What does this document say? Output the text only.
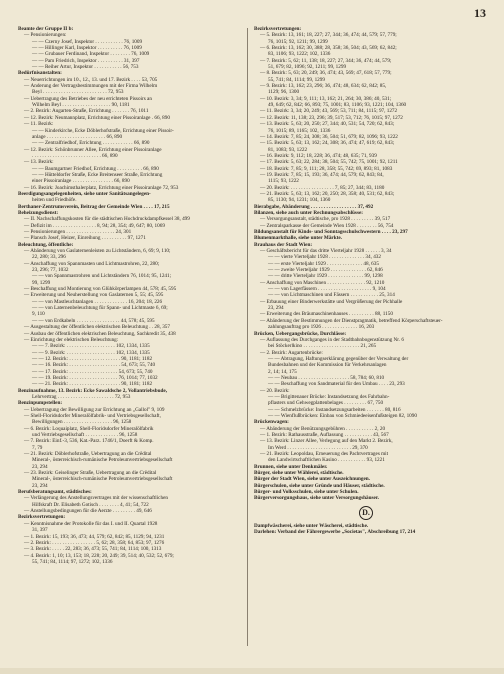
13
Beamte der Gruppe II b:
— Pensionierungen:
— — Czerny Josef, Inspektor . . . . . . . . . . . 76, 1009
— — Hillinger Karl, Inspektor . . . . . . . . . . 76, 1009
— — Grubauer Ferdinand, Inspektor . . . . . . . . 76, 1009
— — Pam Friedrich, Inspektor . . . . . . . . . . 31, 397
— — Reiher Artur, Inspektor . . . . . . . . . . . 56, 753
Bedürfnisanstalten:
— Neuerrichtungen im 10., 12., 13. und 17. Bezirk . . . . 53, 705
— Änderung der Vertragsbestimmungen mit der Firma Wilhelm
Beyl . . . . . . . . . . . . . . . . . . . . . . . . . 72, 953
— Uebertragung des Betriebes der neu errichteten Pissoirs an
Wilhelm Beyl . . . . . . . . . . . . . . . . . . . 90, 1181
— 2. Bezirk: Augarten-Straße, Errichtung . . . . . . . 76, 1011
— 12. Bezirk: Neumannplatz, Errichtung einer Pissoiranlage . 66, 890
— 11. Bezirk:
— — Kinderkirche, Ecke Döblerhofstraße, Errichtung einer Pissoir-
anlage . . . . . . . . . . . . . . . . . . . . . . . 66, 890
— — Zentralfriedhof, Errichtung . . . . . . . . . . . . 66, 890
— 12. Bezirk: Schönbrunner Allee, Errichtung einer Pissoiranlage
. . . . . . . . . . . . . . . . . . . . . . . . . . . 66, 890
— 13. Bezirk:
— — Baumgartner Friedhof, Errichtung . . . . . . . . . . 66, 890
— — Hütteldorfer Straße, Ecke Breitenseer Straße, Errichtung
einer Pissoiranlage . . . . . . . . . . . . . . . . 66, 890
— 16. Bezirk: Joachimsthalerplatz, Errichtung einer Pissoiranlage 72, 953
Beerdigungsangelegenheiten, siehe unter Sanitätsangelegen-
heiten und Friedhöfe.
Berthaner-Zentrumsverein, Beitrag der Gemeinde Wien . . . . 17, 215
Beheizungsdienst:
— II. Nachschaffungskosten für die städtischen Hochdruckdampfkessel 38, 499
— Defizit im . . . . . . . . . . . . . . . . . 8, 94; 28, 354; 49, 647; 80, 1069
— Pensionierungen . . . . . . . . . . . . . . . . . . . 24, 301
— Plansch Josef, Heizer, Einreihung . . . . . . . . . . 97, 1271
Beleuchtung, öffentliche:
— Abänderung von Gaslaternenleisten zu Lichtständern, 6, 69; 9, 110;
22, 280; 33, 296
— Anschaffung von Spannmasten und Lichtmastrohren, 22, 280;
23, 296; 77, 1032
— — von Spannmastrohren und Lichtständern 76, 1014; 95, 1241;
99, 1299
— Beschaffung und Montierung von Glühkörperlampen 44, 578; 45, 595
— Erweiterung und Neuherstellung von Gaslaternen 5, 55; 45, 595
— — von Mastleuchtanlagen . . . . . . . . . . . . . 16, 204; 18, 226
— — von Laternenbeleuchtung für Spann- und Lichtmaste 6, 69;
9, 110
— — von Erdkabeln . . . . . . . . . . . . . . . . . 44, 578; 45, 595
— Ausgestaltung der öffentlichen elektrischen Beleuchtung . . 28, 357
— Ausbau der öffentlichen elektrischen Beleuchtung, Sachkredit 35, 438
— Einrichtung der elektrischen Beleuchtung:
— — 7. Bezirk: . . . . . . . . . . . . . . . . . . . 102, 1334, 1335
— — 9. Bezirk: . . . . . . . . . . . . . . . . . . . 102, 1334, 1335
— — 12. Bezirk: . . . . . . . . . . . . . . . . . . . . 90, 1181; 1182
— — 16. Bezirk: . . . . . . . . . . . . . . . . . . . . 54, 673; 55, 740
— — 17. Bezirk: . . . . . . . . . . . . . . . . . . . 54, 673; 55, 740
— — 19. Bezirk: . . . . . . . . . . . . . . . . . . . 76, 1014; 77, 1032
— — 21. Bezirk: . . . . . . . . . . . . . . . . . . . . 90, 1181; 1182
Benzinaufnahme, 13. Bezirk: Ecke Sawaldsche 2, Vollantriebsbude,
Lehrvertrag . . . . . . . . . . . . . . . . . . . . . . 72, 953
Benzinpumpstellen:
— Uebertragung der Bewilligung zur Errichtung an „Gallol" 9, 109
— Shell-Floridsdorfer Mineralölfabrik- und Vertriebsgesellschaft,
Bewilligungen . . . . . . . . . . . . . . . . . . . 96, 1258
— 6. Bezirk: Loquaiplatz, Shell-Floridsdorfer Mineralölfabrik
und Vertriebsgesellschaft . . . . . . . . . . . . . 96, 1258
— 7. Bezirk: Einf.-3, 536, Kat.-Parz. 1746/1, Doerft & Komp.
7, 79
— 21. Bezirk: Döblerhofstraße, Uebertragung an die Crêdital
Mineral-, österreichisch-rumänische Petroleumvertriebsgesellschaft
23, 294
— 23. Bezirk: Geiselinger Straße, Uebertragung an die Crêdital
Mineral-, österreichisch-rumänische Petroleumvertriebsgesellschaft
23, 294
Berufsberatungsamt, städtisches:
— Verlängerung des Anstellungsvertrages mit der wissenschaftlichen
Hilfskraft Dr. Elisabeth Gotisch . . . . . . . . 4, 41; 54, 722
— Anstellungsbedingungen für die Aerzte . . . . . . . . . 49, 646
Bezirksvertretungen:
— Kenntnisnahme der Protokolle für das I. und II. Quartal 1928
31, 397
— 1. Bezirk: 15, 193; 36, 473; 44, 579; 62, 842; 85, 1129; 94, 1231
— 2. Bezirk: . . . . . . . . . . . . . . . . . 5, 62; 28, 358; 64, 853; 97, 1276
— 3. Bezirk: . . . . . 22, 283; 36, 473; 55, 741; 84, 1114; 100, 1313
— 4. Bezirk: 1, 10; 13, 153; 18, 228; 20, 249; 39, 514; 40, 532; 52, 679;
55, 741; 84, 1114; 97, 1272; 102, 1336
Bezirksvertretungen:
— 5. Bezirk: 13, 161; 18, 227; 27, 344; 36, 474; 44, 579; 57, 779;
76, 1015; 92, 1211; 99, 1299
— 6. Bezirk: 13, 162; 30, 388; 28, 358; 36, 504; 43, 569; 62, 842;
83, 1106; 93, 1222; 102, 1336
— 7. Bezirk: 5, 62; 11, 138; 18, 227; 27, 344; 36, 474; 44, 579;
51, 679; 82, 1096; 92, 1211; 99, 1299
— 8. Bezirk: 5, 63; 20, 249; 36, 474; 43, 569; 47, 618; 57, 779;
55, 741; 84, 1114; 99, 1299
— 9. Bezirk: 13, 162; 23, 296; 36, 474; 48, 634; 62, 842; 85,
1129; 96, 1300
— 10. Bezirk: 3, 34; 9, 111; 13, 162; 21, 264; 30, 386; 40, 531;
49, 649; 62, 842; 66, 893; 75, 1001; 83, 1106; 93, 1221; 104, 1360
— 11. Bezirk: 3, 34; 20, 249; 43, 569; 53, 711; 84, 1115; 97, 1272
— 12. Bezirk: 11, 138; 23, 296; 39, 517; 53, 712; 76, 1015; 97, 1272
— 13. Bezirk: 5, 63; 20, 250; 27, 344; 40, 531; 54, 720; 62, 843;
76, 1015; 89, 1165; 102, 1336
— 14. Bezirk: 7, 85; 24, 308; 36, 504; 51, 679; 82, 1096; 93, 1222
— 15. Bezirk: 5, 63; 13, 162; 24, 308; 36, 474; 47, 619; 62, 843;
81, 1083; 93, 1222
— 16. Bezirk: 9, 112; 18, 228; 36, 474; 48, 635; 71, 939
— 17. Bezirk: 5, 63; 22, 284; 38, 504; 55, 742; 75, 1001; 92, 1211
— 18. Bezirk: 7, 85; 9, 111; 28, 358; 55, 742; 69, 893; 81, 1083
— 19. Bezirk: 7, 85; 15, 193; 36, 474; 44, 579; 62, 843; 84,
1115; 93, 1222
— 20. Bezirk: . . . . . . . . . . . . . . . . . 7, 85; 27, 344; 83, 1180
— 21. Bezirk: 5, 63; 13, 162; 20, 250; 28, 358; 40, 531; 62, 843;
85, 1130; 94, 1231; 104, 1360
Bierabgabe, Abänderung . . . . . . . . . . . . . . . . . . 37, 492
Bilanzen, siehe auch unter Rechnungsabschlüsse:
— Versorgungsanstalt, städtische, pro 1928 . . . . . . . . . 39, 517
— Zentralsparkasse der Gemeinde Wien 1928 . . . . . . . . 56, 754
Bildungsanstalt für Kinds- und Sonntagsschulschwestern . . . . 23, 297
Blumenmarkthalle, siehe unter Märkte.
Brauhaus der Stadt Wien:
— Geschäftsbericht für das dritte Vierteljahr 1928 . . . . . . 3, 34
— — vierte Vierteljahr 1928 . . . . . . . . . . . . . . 34, 432
— — erste Vierteljahr 1929 . . . . . . . . . . . . . . 48, 635
— — zweite Vierteljahr 1929 . . . . . . . . . . . . . . 62, 846
— — dritte Vierteljahr 1929 . . . . . . . . . . . . . . 99, 1298
— Anschaffung von Maschinen . . . . . . . . . . . . . . . 92, 1210
— — von Lagerfässern . . . . . . . . . . . . . . . . . . . . . 9, 104
— — von Lichtmaschinen und Fässern . . . . . . . . . . . 25, 314
— Erbauung einer Binderwerkstätte und Vergrößerung der Pichhalle
23, 294
— Erweiterung des Bräumaschinenhauses . . . . . . . . . . 88, 1150
— Abänderung der Bestimmungen der Dienstpragmatik, betreffend Körperschaftsteuer-
zahlungsauftrag pro 1926 . . . . . . . . . . . . . . 16, 203
Brücken, Uebergangsbrücke, Durchlässe:
— Auflassung des Durchganges in der Stadtbahnbogenstützung Nr. 6
bei Stöckerlkino . . . . . . . . . . . . . . . . . . . . . . 21, 265
— 2. Bezirk: Augartenbrücke:
— — Abtragung, Haftungserklärung gegenüber der Verwaltung der
Bundesbahnen und der Kommission für Verkehrsanlagen
2, 14; 14, 175
— — Neubau . . . . . . . . . . . . . . . . . . . . 58, 784; 60, 810
— — Beschaffung von Sandmaterial für den Umbau . . . . 23, 293
— 20. Bezirk:
— — Brigittenauer Brücke: Instandsetzung des Fahrbahn-
pflasters und Gehwegplattenbelages . . . . . . . . . 67, 750
— — Schmelzbrücke: Instandsetzungsarbeiten . . . . . . . 80, 816
— — Wienflußbrücken: Einbau von Schmiedeeisenfußsteigen 82, 1090
Brückenwagen:
— Abänderung der Benützungsgebühren . . . . . . . . . . . 2, 20
— 1. Bezirk: Rathausstraße, Auflassung . . . . . . . . . . . 43, 567
— 13. Bezirk: Linzer Allee, Verlegung auf den Markt 2. Bezirk,
Im Werd . . . . . . . . . . . . . . . . . . . . . . . . . 29, 370
— 21. Bezirk: Leopoldau, Erneuerung des Pachtvertrages mit
den Landwirtschaftlichen Kasino . . . . . . . . . . . 93, 1221
Brunnen, siehe unter Denkmäler.
Bürger, siehe unter Wählerei, städtische.
Bürger der Stadt Wien, siehe unter Auszeichnungen.
Bürgerschulen, siehe unter Gründe und Häuser, städtische.
Bürger- und Volksschulen, siehe unter Schulen.
Bürgerversorgungshaus, siehe unter Versorgungshäuser.
D.
Dampfwäscherei, siehe unter Wäscherei, städtische.
Darlehen: Verband der Fährergewerbe „Societas", Abschreibung 17, 214
